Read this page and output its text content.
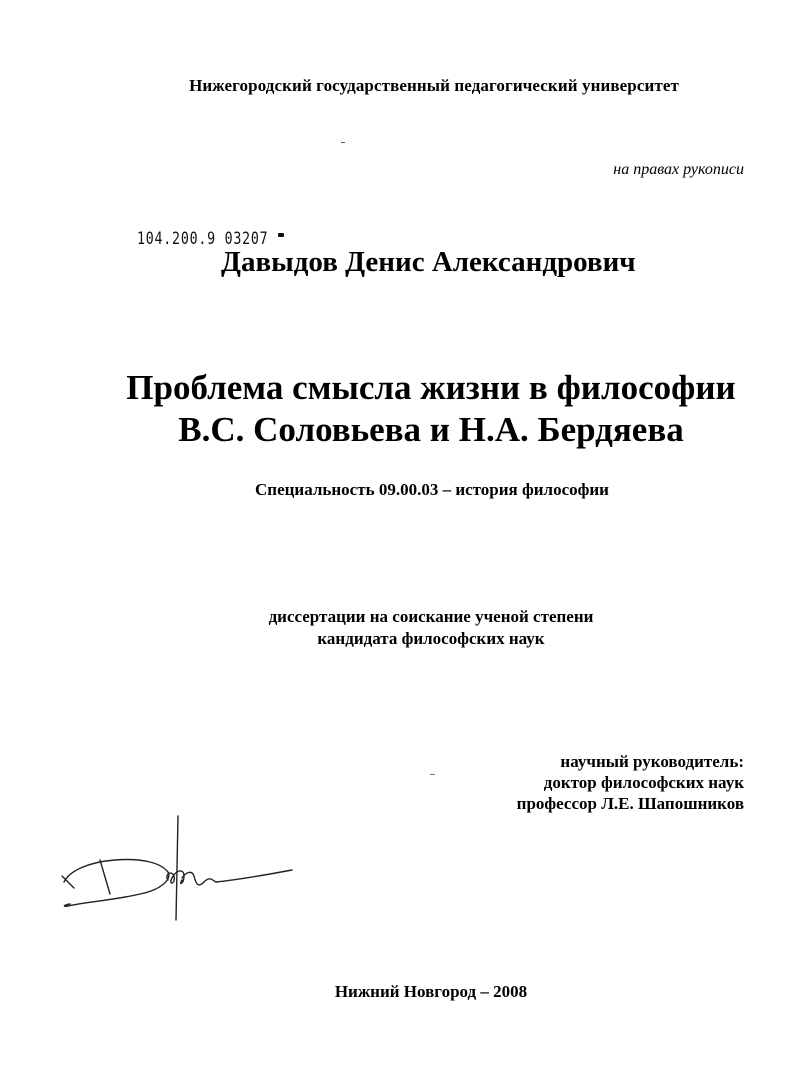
Нижегородский государственный педагогический университет
на правах рукописи
104.200.9 03207
Давыдов Денис Александрович
Проблема смысла жизни в философии
В.С. Соловьева и Н.А. Бердяева
Специальность 09.00.03 – история философии
диссертации на соискание ученой степени
кандидата философских наук
научный руководитель:
доктор философских наук
профессор Л.Е. Шапошников
Нижний Новгород – 2008
